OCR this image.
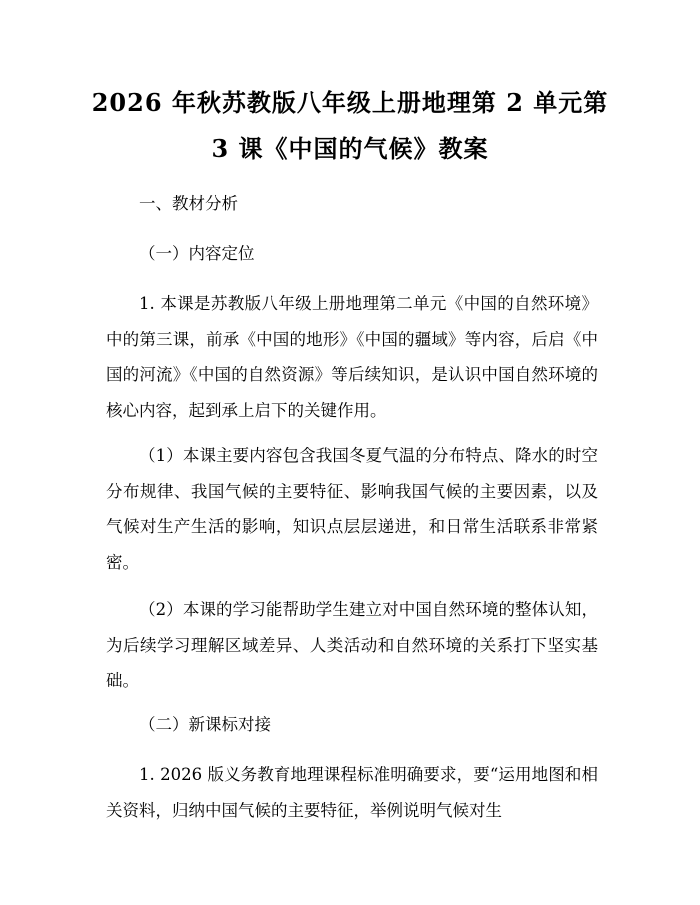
2026 年秋苏教版八年级上册地理第 2 单元第
3 课《中国的气候》教案

一、教材分析

（一）内容定位

1. 本课是苏教版八年级上册地理第二单元《中国的自然环境》中的第三课，前承《中国的地形》《中国的疆域》等内容，后启《中国的河流》《中国的自然资源》等后续知识，是认识中国自然环境的核心内容，起到承上启下的关键作用。

（1）本课主要内容包含我国冬夏气温的分布特点、降水的时空分布规律、我国气候的主要特征、影响我国气候的主要因素，以及气候对生产生活的影响，知识点层层递进，和日常生活联系非常紧密。

（2）本课的学习能帮助学生建立对中国自然环境的整体认知，为后续学习理解区域差异、人类活动和自然环境的关系打下坚实基础。

（二）新课标对接

1. 2026 版义务教育地理课程标准明确要求，要“运用地图和相关资料，归纳中国气候的主要特征，举例说明气候对生
